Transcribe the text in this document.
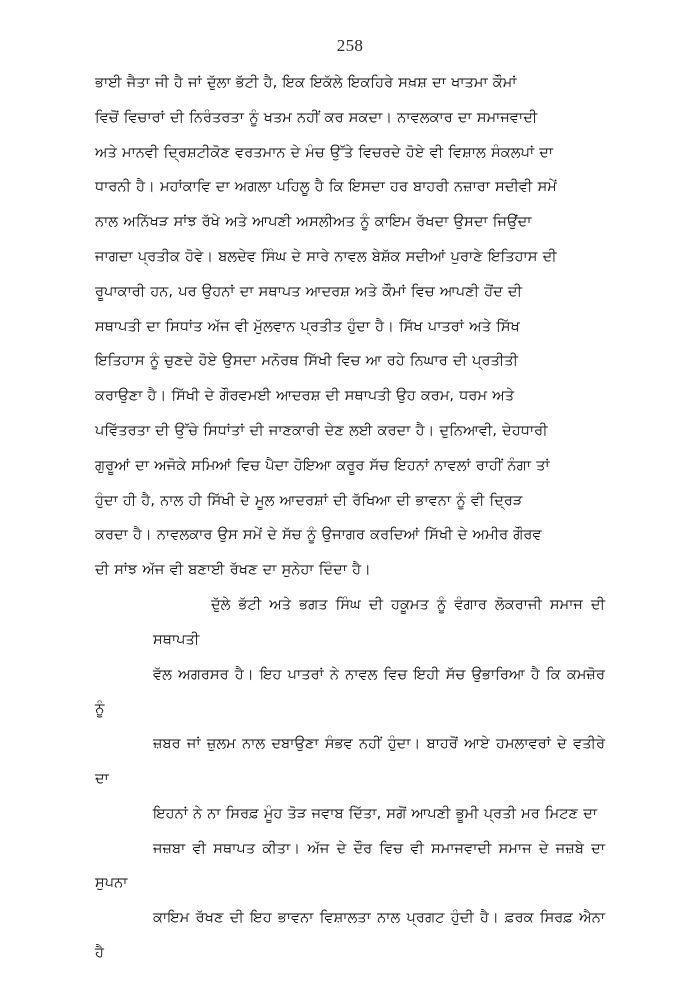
258

ਭਾਈ ਜੈਤਾ ਜੀ ਹੈ ਜਾਂ ਦੁੱਲਾ ਭੱਟੀ ਹੈ, ਇਕ ਇਕੱਲੇ ਇਕਹਿਰੇ ਸਖ਼ਸ਼ ਦਾ ਖਾਤਮਾ ਕੌਮਾਂ
ਵਿਚੋਂ ਵਿਚਾਰਾਂ ਦੀ ਨਿਰੰਤਰਤਾ ਨੂੰ ਖਤਮ ਨਹੀਂ ਕਰ ਸਕਦਾ। ਨਾਵਲਕਾਰ ਦਾ ਸਮਾਜਵਾਦੀ
ਅਤੇ ਮਾਨਵੀ ਦ੍ਰਿਸ਼ਟੀਕੋਣ ਵਰਤਮਾਨ ਦੇ ਮੰਚ ਉੱਤੇ ਵਿਚਰਦੇ ਹੋਏ ਵੀ ਵਿਸ਼ਾਲ ਸੰਕਲਪਾਂ ਦਾ
ਧਾਰਨੀ ਹੈ। ਮਹਾਂਕਾਵਿ ਦਾ ਅਗਲਾ ਪਹਿਲੂ ਹੈ ਕਿ ਇਸਦਾ ਹਰ ਬਾਹਰੀ ਨਜ਼ਾਰਾ ਸਦੀਵੀ ਸਮੇਂ
ਨਾਲ ਅਨਿੱਖੜ ਸਾਂਝ ਰੱਖੇ ਅਤੇ ਆਪਣੀ ਅਸਲੀਅਤ ਨੂੰ ਕਾਇਮ ਰੱਖਦਾ ਉਸਦਾ ਜਿਉਂਦਾ
ਜਾਗਦਾ ਪ੍ਰਤੀਕ ਹੋਵੇ। ਬਲਦੇਵ ਸਿੰਘ ਦੇ ਸਾਰੇ ਨਾਵਲ ਬੇਸ਼ੱਕ ਸਦੀਆਂ ਪੁਰਾਣੇ ਇਤਿਹਾਸ ਦੀ
ਰੂਪਾਕਾਰੀ ਹਨ, ਪਰ ਉਹਨਾਂ ਦਾ ਸਥਾਪਤ ਆਦਰਸ਼ ਅਤੇ ਕੌਮਾਂ ਵਿਚ ਆਪਣੀ ਹੋਂਦ ਦੀ
ਸਥਾਪਤੀ ਦਾ ਸਿਧਾਂਤ ਅੱਜ ਵੀ ਮੁੱਲਵਾਨ ਪ੍ਰਤੀਤ ਹੁੰਦਾ ਹੈ। ਸਿੱਖ ਪਾਤਰਾਂ ਅਤੇ ਸਿੱਖ
ਇਤਿਹਾਸ ਨੂੰ ਚੁਣਦੇ ਹੋਏ ਉਸਦਾ ਮਨੋਰਥ ਸਿੱਖੀ ਵਿਚ ਆ ਰਹੇ ਨਿਘਾਰ ਦੀ ਪ੍ਰਤੀਤੀ
ਕਰਾਉਣਾ ਹੈ। ਸਿੱਖੀ ਦੇ ਗੌਰਵਮਈ ਆਦਰਸ਼ ਦੀ ਸਥਾਪਤੀ ਉਹ ਕਰਮ, ਧਰਮ ਅਤੇ
ਪਵਿੱਤਰਤਾ ਦੀ ਉੱਚੇ ਸਿਧਾਂਤਾਂ ਦੀ ਜਾਣਕਾਰੀ ਦੇਣ ਲਈ ਕਰਦਾ ਹੈ। ਦੁਨਿਆਵੀ, ਦੇਹਧਾਰੀ
ਗੁਰੂਆਂ ਦਾ ਅਜੋਕੇ ਸਮਿਆਂ ਵਿਚ ਪੈਦਾ ਹੋਇਆ ਕਰੂਰ ਸੱਚ ਇਹਨਾਂ ਨਾਵਲਾਂ ਰਾਹੀਂ ਨੰਗਾ ਤਾਂ
ਹੁੰਦਾ ਹੀ ਹੈ, ਨਾਲ ਹੀ ਸਿੱਖੀ ਦੇ ਮੂਲ ਆਦਰਸ਼ਾਂ ਦੀ ਰੱਖਿਆ ਦੀ ਭਾਵਨਾ ਨੂੰ ਵੀ ਦ੍ਰਿੜ
ਕਰਦਾ ਹੈ। ਨਾਵਲਕਾਰ ਉਸ ਸਮੇਂ ਦੇ ਸੱਚ ਨੂੰ ਉਜਾਗਰ ਕਰਦਿਆਂ ਸਿੱਖੀ ਦੇ ਅਮੀਰ ਗੌਰਵ
ਦੀ ਸਾਂਝ ਅੱਜ ਵੀ ਬਣਾਈ ਰੱਖਣ ਦਾ ਸੁਨੇਹਾ ਦਿੰਦਾ ਹੈ।

ਦੁੱਲੇ ਭੱਟੀ ਅਤੇ ਭਗਤ ਸਿੰਘ ਦੀ ਹਕੂਮਤ ਨੂੰ ਵੰਗਾਰ ਲੋਕਰਾਜੀ ਸਮਾਜ ਦੀ ਸਥਾਪਤੀ
ਵੱਲ ਅਗਰਸਰ ਹੈ। ਇਹ ਪਾਤਰਾਂ ਨੇ ਨਾਵਲ ਵਿਚ ਇਹੀ ਸੱਚ ਉਭਾਰਿਆ ਹੈ ਕਿ ਕਮਜ਼ੋਰ ਨੂੰ
ਜ਼ਬਰ ਜਾਂ ਜ਼ੁਲਮ ਨਾਲ ਦਬਾਉਣਾ ਸੰਭਵ ਨਹੀਂ ਹੁੰਦਾ। ਬਾਹਰੋਂ ਆਏ ਹਮਲਾਵਰਾਂ ਦੇ ਵਤੀਰੇ ਦਾ
ਇਹਨਾਂ ਨੇ ਨਾ ਸਿਰਫ਼ ਮੂੰਹ ਤੋੜ ਜਵਾਬ ਦਿੱਤਾ, ਸਗੋਂ ਆਪਣੀ ਭੂਮੀ ਪ੍ਰਤੀ ਮਰ ਮਿਟਣ ਦਾ
ਜਜ਼ਬਾ ਵੀ ਸਥਾਪਤ ਕੀਤਾ। ਅੱਜ ਦੇ ਦੌਰ ਵਿਚ ਵੀ ਸਮਾਜਵਾਦੀ ਸਮਾਜ ਦੇ ਜਜ਼ਬੇ ਦਾ ਸੁਪਨਾ
ਕਾਇਮ ਰੱਖਣ ਦੀ ਇਹ ਭਾਵਨਾ ਵਿਸ਼ਾਲਤਾ ਨਾਲ ਪ੍ਰਗਟ ਹੁੰਦੀ ਹੈ। ਫ਼ਰਕ ਸਿਰਫ਼ ਐਨਾ ਹੈ
